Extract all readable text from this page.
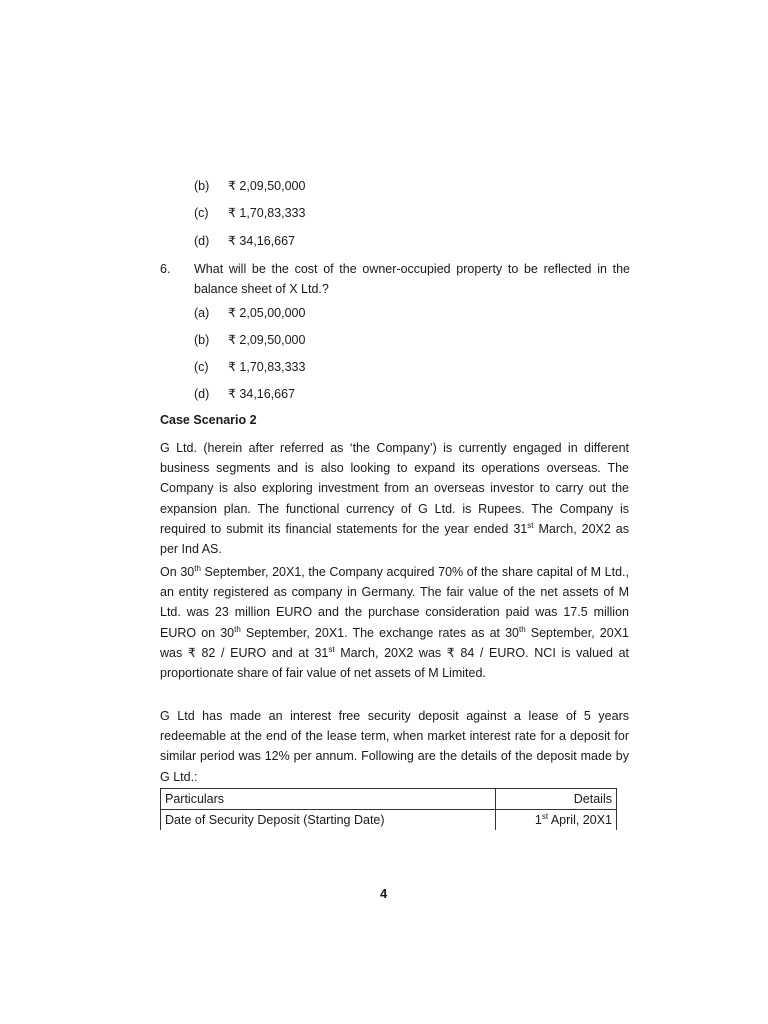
(b) ₹ 2,09,50,000
(c) ₹ 1,70,83,333
(d) ₹ 34,16,667
6. What will be the cost of the owner-occupied property to be reflected in the balance sheet of X Ltd.?
(a) ₹ 2,05,00,000
(b) ₹ 2,09,50,000
(c) ₹ 1,70,83,333
(d) ₹ 34,16,667
Case Scenario 2
G Ltd. (herein after referred as ‘the Company’) is currently engaged in different business segments and is also looking to expand its operations overseas. The Company is also exploring investment from an overseas investor to carry out the expansion plan. The functional currency of G Ltd. is Rupees. The Company is required to submit its financial statements for the year ended 31st March, 20X2 as per Ind AS.
On 30th September, 20X1, the Company acquired 70% of the share capital of M Ltd., an entity registered as company in Germany. The fair value of the net assets of M Ltd. was 23 million EURO and the purchase consideration paid was 17.5 million EURO on 30th September, 20X1. The exchange rates as at 30th September, 20X1 was ₹ 82 / EURO and at 31st March, 20X2 was ₹ 84 / EURO. NCI is valued at proportionate share of fair value of net assets of M Limited.
G Ltd has made an interest free security deposit against a lease of 5 years redeemable at the end of the lease term, when market interest rate for a deposit for similar period was 12% per annum. Following are the details of the deposit made by G Ltd.:
Particulars	Details
Date of Security Deposit (Starting Date)	1st April, 20X1
4
